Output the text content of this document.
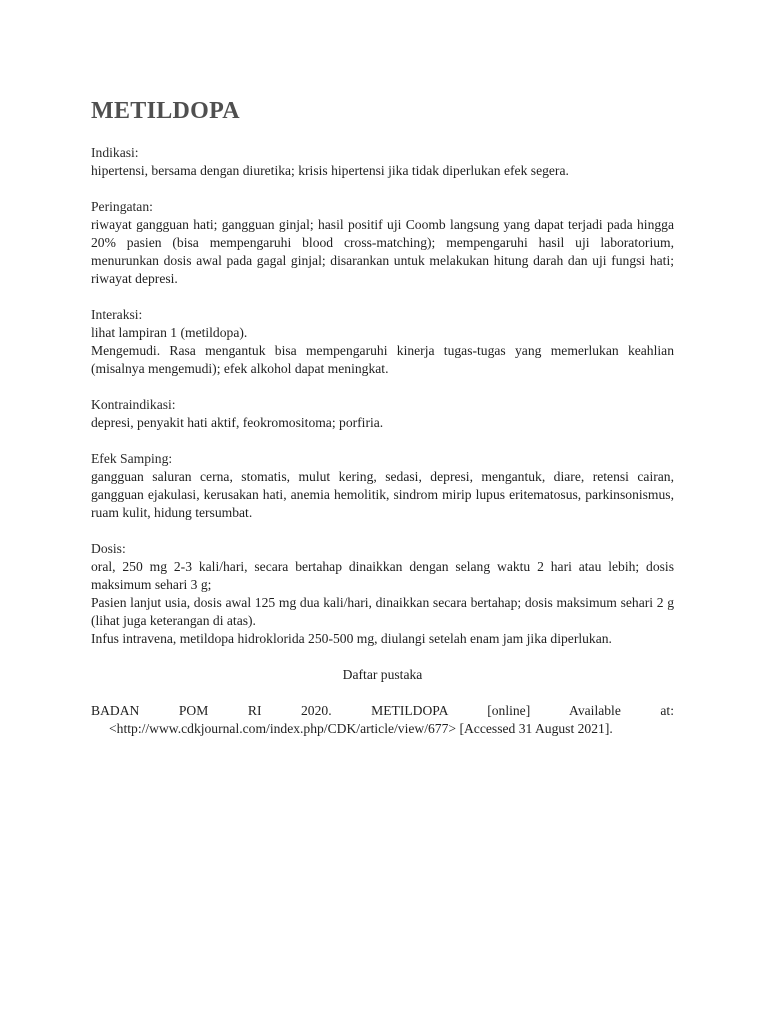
METILDOPA

Indikasi:

hipertensi, bersama dengan diuretika; krisis hipertensi jika tidak diperlukan efek segera.

Peringatan:

riwayat gangguan hati; gangguan ginjal; hasil positif uji Coomb langsung yang dapat terjadi pada hingga 20% pasien (bisa mempengaruhi blood cross-matching); mempengaruhi hasil uji laboratorium, menurunkan dosis awal pada gagal ginjal; disarankan untuk melakukan hitung darah dan uji fungsi hati; riwayat depresi.

Interaksi:

lihat lampiran 1 (metildopa).

Mengemudi. Rasa mengantuk bisa mempengaruhi kinerja tugas-tugas yang memerlukan keahlian (misalnya mengemudi); efek alkohol dapat meningkat.

Kontraindikasi:

depresi, penyakit hati aktif, feokromositoma; porfiria.

Efek Samping:

gangguan saluran cerna, stomatis, mulut kering, sedasi, depresi, mengantuk, diare, retensi cairan, gangguan ejakulasi, kerusakan hati, anemia hemolitik, sindrom mirip lupus eritematosus, parkinsonismus, ruam kulit, hidung tersumbat.

Dosis:

oral, 250 mg 2-3 kali/hari, secara bertahap dinaikkan dengan selang waktu 2 hari atau lebih; dosis maksimum sehari 3 g;

Pasien lanjut usia, dosis awal 125 mg dua kali/hari, dinaikkan secara bertahap; dosis maksimum sehari 2 g (lihat juga keterangan di atas).

Infus intravena, metildopa hidroklorida 250-500 mg, diulangi setelah enam jam jika diperlukan.

Daftar pustaka

BADAN POM RI 2020. METILDOPA [online] Available at: <http://www.cdkjournal.com/index.php/CDK/article/view/677> [Accessed 31 August 2021].
